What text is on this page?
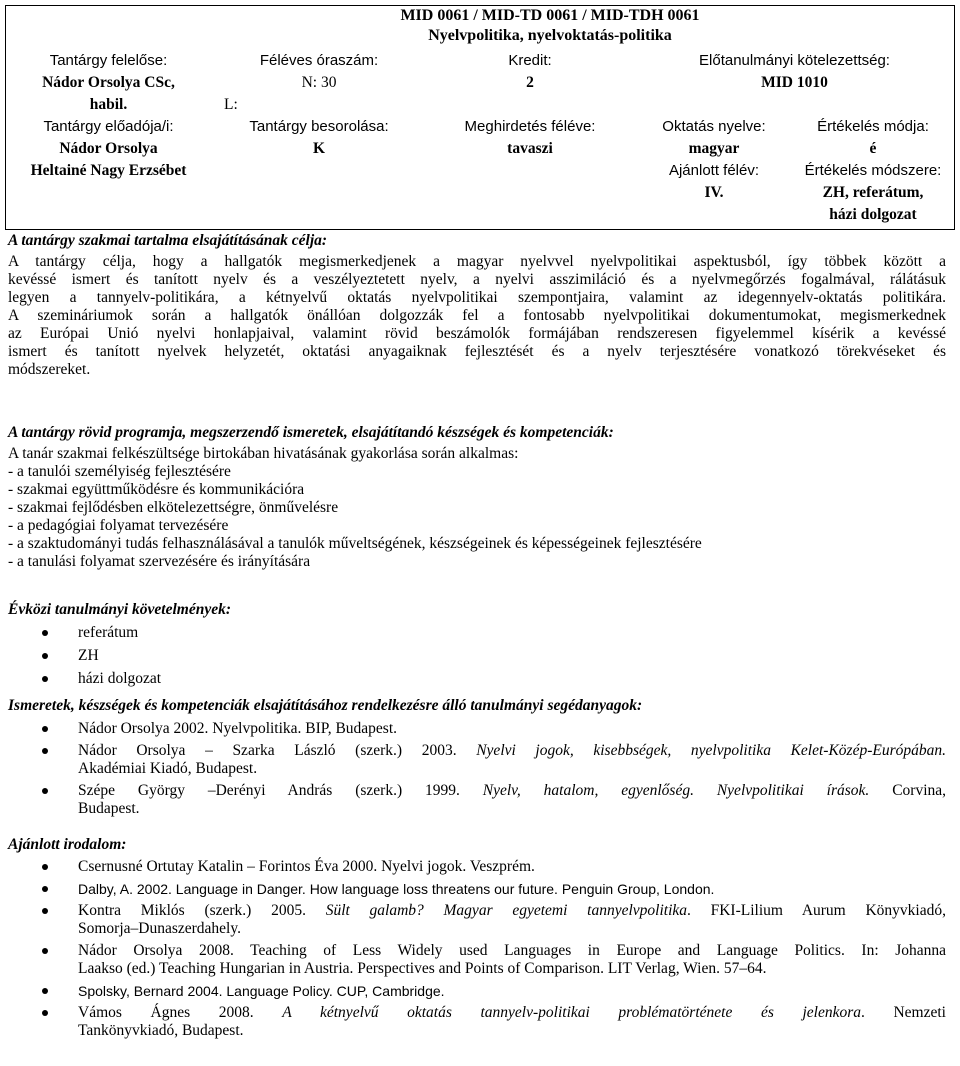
MID 0061 / MID-TD 0061 / MID-TDH 0061
Nyelvpolitika, nyelvoktatás-politika
Tantárgy felelőse:
Nádor Orsolya CSc,
habil.
Féléves óraszám:
N: 30
L:
Kredit:
2
Előtanulmányi kötelezettség:
MID 1010
Tantárgy előadója/i:
Nádor Orsolya
Heltainé Nagy Erzsébet
Tantárgy besorolása:
K
Meghirdetés féléve:
tavaszi
Oktatás nyelve:
magyar
Ajánlott félév:
IV.
Értékelés módja:
é
Értékelés módszere:
ZH, referátum,
házi dolgozat

A tantárgy szakmai tartalma elsajátításának célja:

A tantárgy célja, hogy a hallgatók megismerkedjenek a magyar nyelvvel nyelvpolitikai aspektusból, így többek között a
kevéssé ismert és tanított nyelv és a veszélyeztetett nyelv, a nyelvi asszimiláció és a nyelvmegőrzés fogalmával, rálátásuk
legyen a tannyelv-politikára, a kétnyelvű oktatás nyelvpolitikai szempontjaira, valamint az idegennyelv-oktatás politikára.
A szemináriumok során a hallgatók önállóan dolgozzák fel a fontosabb nyelvpolitikai dokumentumokat, megismerkednek
az Európai Unió nyelvi honlapjaival, valamint rövid beszámolók formájában rendszeresen figyelemmel kísérik a kevéssé
ismert és tanított nyelvek helyzetét, oktatási anyagaiknak fejlesztését és a nyelv terjesztésére vonatkozó törekvéseket és
módszereket.

A tantárgy rövid programja, megszerzendő ismeretek, elsajátítandó készségek és kompetenciák:

A tanár szakmai felkészültsége birtokában hivatásának gyakorlása során alkalmas:
- a tanulói személyiség fejlesztésére
- szakmai együttműködésre és kommunikációra
- szakmai fejlődésben elkötelezettségre, önművelésre
- a pedagógiai folyamat tervezésére
- a szaktudományi tudás felhasználásával a tanulók műveltségének, készségeinek és képességeinek fejlesztésére
- a tanulási folyamat szervezésére és irányítására

Évközi tanulmányi követelmények:

referátum
ZH
házi dolgozat

Ismeretek, készségek és kompetenciák elsajátításához rendelkezésre álló tanulmányi segédanyagok:

Nádor Orsolya 2002. Nyelvpolitika. BIP, Budapest.
Nádor Orsolya – Szarka László (szerk.) 2003. Nyelvi jogok, kisebbségek, nyelvpolitika Kelet-Közép-Európában.
Akadémiai Kiadó, Budapest.
Szépe György –Derényi András (szerk.) 1999. Nyelv, hatalom, egyenlőség. Nyelvpolitikai írások. Corvina,
Budapest.

Ajánlott irodalom:

Csernusné Ortutay Katalin – Forintos Éva 2000. Nyelvi jogok. Veszprém.
Dalby, A. 2002. Language in Danger. How language loss threatens our future. Penguin Group, London.
Kontra Miklós (szerk.) 2005. Sült galamb? Magyar egyetemi tannyelvpolitika. FKI-Lilium Aurum Könyvkiadó,
Somorja–Dunaszerdahely.
Nádor Orsolya 2008. Teaching of Less Widely used Languages in Europe and Language Politics. In: Johanna
Laakso (ed.) Teaching Hungarian in Austria. Perspectives and Points of Comparison. LIT Verlag, Wien. 57–64.
Spolsky, Bernard 2004. Language Policy. CUP, Cambridge.
Vámos Ágnes 2008. A kétnyelvű oktatás tannyelv-politikai problématörténete és jelenkora. Nemzeti
Tankönyvkiadó, Budapest.
